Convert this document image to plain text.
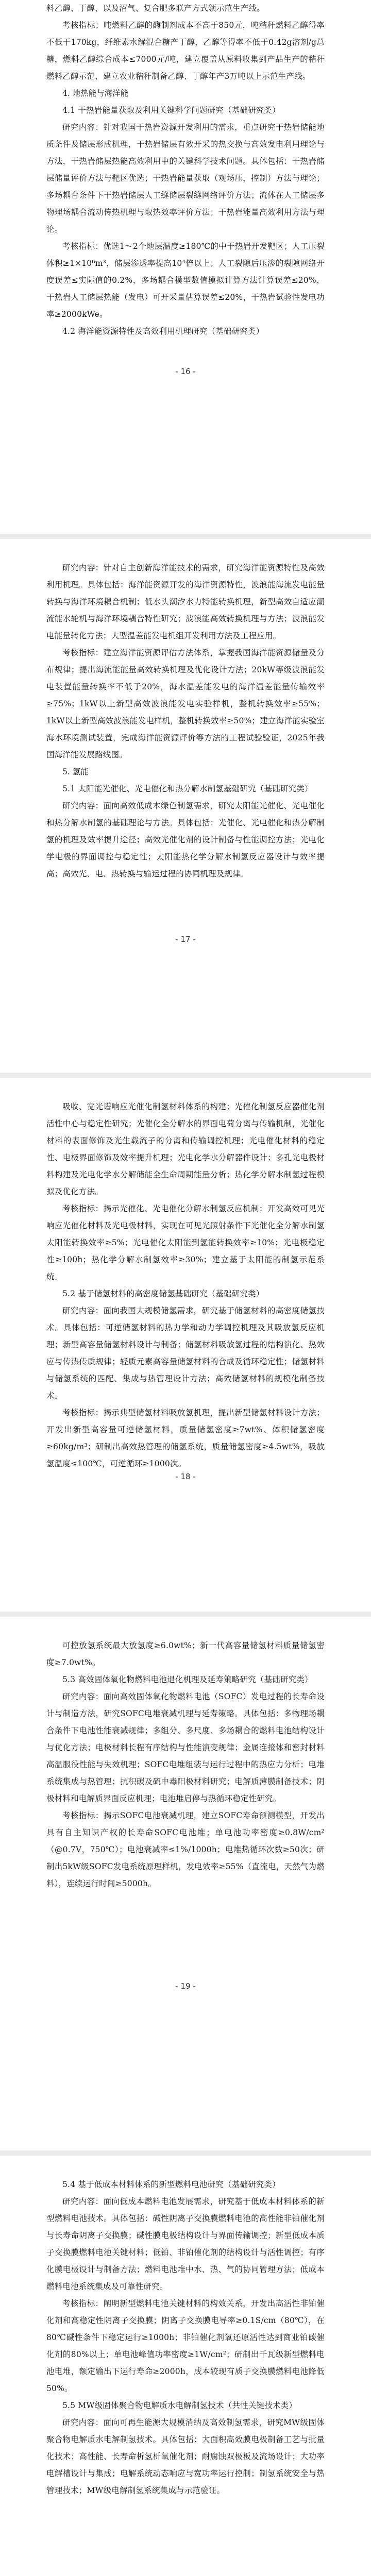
料乙醇、丁醇，以及沼气、复合肥多联产方式领示范生产线。

考核指标：吨燃料乙醇的酶制剂成本不高于850元，吨秸秆燃料乙醇得率不低于170kg，纤维素水解混合糖产丁醇，乙醇等得率不低于0.42g溶剂/g总糖，燃料乙醇综合成本≤7000元/吨，建立覆盖从原料收集到产品生产的秸秆燃料乙醇示范，建立农业秸秆制备乙醇、丁醇年产3万吨以上示范生产线。

4. 地热能与海洋能

4.1 干热岩能量获取及利用关键科学问题研究（基础研究类）

研究内容：针对我国干热岩资源开发利用的需求，重点研究干热岩储能地质条件及储层形成机理，干热岩储层有效开采的热交换与高效发电利用理论与方法，干热岩储层热能高效利用中的关键科学技术问题。具体包括：干热岩储层储量评价方法与靶区优选；干热岩能量获取（观场压，控制）方法与理论；多场耦合条件下干热岩储层人工缝储层裂缝网络评价方法；流体在人工储层多物理场耦合流动传热机理与取热效率评价方法；干热岩能量高效利用方法与理论。

考核指标：优选1～2个地层温度≥180℃的中干热岩开发靶区；人工压裂体积≥1×10⁶m³，储层渗透率提高10⁴倍以上；人工裂隙后压渗的裂隙网络开度误差≤实际值的0.2%，多场耦合模型数值模拟计算方法计算误差≤20%，干热岩人工储层热能（发电）可开采量估算误差≤20%，干热岩试验性发电功率≥2000kWe。

4.2 海洋能资源特性及高效利用机理研究（基础研究类）

- 16 -

研究内容：针对自主创新海洋能技术的需求，研究海洋能资源特性及高效利用机理。具体包括：海洋能资源开发的海洋资源特性，波浪能海流发电能量转换与海洋环境耦合机制；低水头潮汐水力特能转换机理，新型高效自适应潮流能水轮机与海洋环境耦合特性研究；波浪能高效转换机理与方法；波浪能发电能量转化方法；大型温差能发电机组开发利用方法及工程应用。

考核指标：建立海洋能资源评估方法体系，掌握我国海洋能资源储量及分布规律；提出海流能能量高效转换机理及优化设计方法；20kW等级波浪能发电装置能量转换率不低于20%，海水温差能发电的海洋温差能量传输效率≥75%；1kW以上新型高效波浪能发电实验样机，整机转换效率≥55%；1kW以上新型高效波浪能发电样机，整机转换效率≥50%；建立海洋能实验室海水环境测试装置，完成海洋能资源评价等方法的工程试验验证，2025年我国海洋能发展路线图。

5. 氢能

5.1 太阳能光催化、光电催化和热分解水制氢基础研究（基础研究类）

研究内容：面向高效低成本绿色制氢需求，研究太阳能光催化、光电催化和热分解水制氢的基础理论与方法。具体包括：光催化、光电催化和热分解制氢的机理及效率提升途径；高效光催化剂的设计制备与性能调控方法；光电化学电极的界面调控与稳定性；太阳能热化学分解水制氢反应器设计与效率提高；高效光、电、热转换与输运过程的协同机理及规律。

- 17 -

吸收、宽光谱响应光催化制氢材料体系的构建；光催化制氢反应器催化剂活性中心与稳定性研究；光催化全分解水的界面电荷分离与传输机制，光催化材料的表面修饰及光生载流子的分离和传输调控机理；光电催化材料的稳定性、电极界面修饰及效率提升机理；光电化学水分解器件设计；多孔光电极材料构建及光电化学水分解储能全生命周期能量分析；热化学分解水制氢过程模拟及优化方法。

考核指标：揭示光催化、光电催化分解水制氢反应机制；开发高效可见光响应光催化材料及光电极材料，实现在可见光照射条件下光催化全分解水制氢太阳能转换效率≥5%；光电催化太阳能到氢能转换效率≥10%；光电极稳定性≥100h；热化学分解水制氢效率≥30%；建立基于太阳能的制氢示范系统。

5.2 基于储氢材料的高密度储氢基础研究（基础研究类）

研究内容：面向我国大规模储氢需求，研究基于储氢材料的高密度储氢技术。具体包括：可逆储氢材料的热力学和动力学调控机理及其吸放氢反应机理；新型高容量储氢材料设计与制备；储氢材料吸放氢过程的结构演化、热效应与传热传质规律；轻质元素高容量储氢材料的合成及循环稳定性；储氢材料与储氢系统的匹配、集成与热管理设计方法；高效储氢材料的规模化制备技术。

考核指标：揭示典型储氢材料吸放氢机理，提出新型储氢材料设计方法；开发出新型高容量可逆储氢材料，质量储氢密度≥7wt%、体积储氢密度≥60kg/m³；研制出高效热管理的储氢系统，质量储氢密度≥4.5wt%，吸放氢温度≤100℃，可逆循环≥1000次。

- 18 -

可控放氢系统最大放氢度≥6.0wt%；新一代高容量储氢材料质量储氢密度≥7.0wt%。

5.3 高效固体氧化物燃料电池退化机理及延寿策略研究（基础研究类）

研究内容：面向高效固体氧化物燃料电池（SOFC）发电过程的长寿命设计与制造方法，研究SOFC电堆衰减机理与延寿策略。具体包括：多物理场耦合条件下电池性能衰减规律；多组分、多尺度、多场耦合的燃料电池结构设计与优化方法；电极材料长程有序结构与性能演变规律；金属连接体和密封材料高温服役性能与失效机理；SOFC电堆组装与运行过程中的热应力分析；电堆系统集成与热管理；抗积碳及硫中毒阳极材料研究；电解质薄膜制备技术；阴极材料和电解质界面反应机理；电池堆启停与热循环稳定性研究。

考核指标：揭示SOFC电池衰减机理，建立SOFC寿命预测模型，开发出具有自主知识产权的长寿命SOFC电池堆；单电池功率密度≥0.8W/cm²（@0.7V，750℃）；电池衰减率≤1%/1000h；电堆热循环次数≥50次；研制出5kW级SOFC发电系统原理样机，发电效率≥55%（直流电，天然气为燃料），连续运行时间≥5000h。

- 19 -

5.4 基于低成本材料体系的新型燃料电池研究（基础研究类）

研究内容：面向低成本燃料电池发展需求，研究基于低成本材料体系的新型燃料电池技术。具体包括：碱性阴离子交换膜燃料电池的高性能非铂催化剂与长寿命阴离子交换膜；碱性膜电极结构设计与界面传输调控；新型低成本质子交换膜燃料电池关键材料；低铂、非铂催化剂的结构设计与活性调控；有序化膜电极设计与制备方法；燃料电池堆中水、热、气的协同管理方法；低成本燃料电池系统集成及可靠性研究。

考核指标：阐明新型燃料电池关键材料的构效关系，开发出高活性非铂催化剂和高稳定性阴离子交换膜；阴离子交换膜电导率≥0.1S/cm（80℃），在80℃碱性条件下稳定运行≥1000h；非铂催化剂氧还原活性达到商业铂碳催化剂的80%以上；单电池峰值功率密度≥1W/cm²；研制出千瓦级新型燃料电池电堆，额定输出下运行寿命≥2000h，成本较现有质子交换膜燃料电池降低50%。

5.5 MW级固体聚合物电解质水电解制氢技术（共性关键技术类）

研究内容：面向可再生能源大规模消纳及高效制氢需求，研究MW级固体聚合物电解质水电解制氢技术。具体包括：大面积高效膜电极制备工艺与批量化技术；高性能、长寿命析氢析氧催化剂；耐腐蚀双极板及流场设计；大功率电解槽设计与集成；电解系统动态响应与宽功率运行控制；制氢系统安全与热管理技术；MW级电解制氢系统集成与示范验证。
